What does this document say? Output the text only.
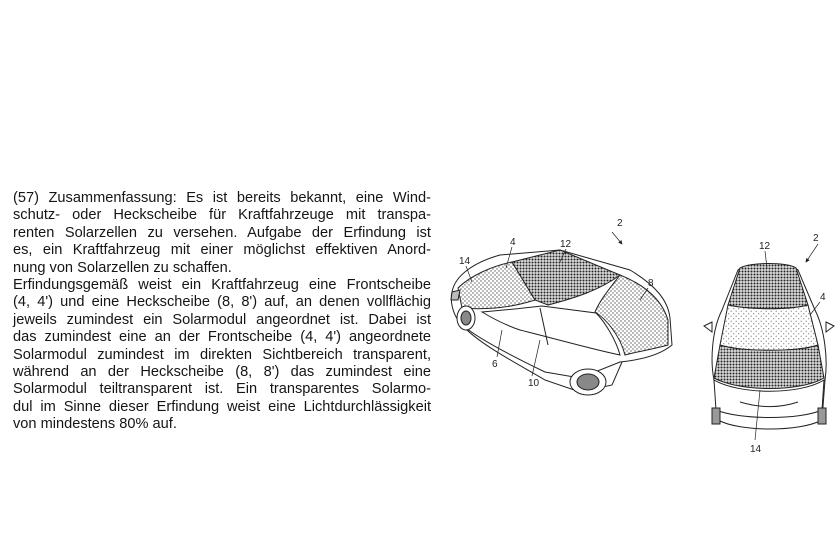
(57) Zusammenfassung: Es ist bereits bekannt, eine Wind-
schutz- oder Heckscheibe für Kraftfahrzeuge mit transpa-
renten Solarzellen zu versehen. Aufgabe der Erfindung ist
es, ein Kraftfahrzeug mit einer möglichst effektiven Anord-
nung von Solarzellen zu schaffen.
Erfindungsgemäß weist ein Kraftfahrzeug eine Frontscheibe
(4, 4') und eine Heckscheibe (8, 8') auf, an denen vollflächig
jeweils zumindest ein Solarmodul angeordnet ist. Dabei ist
das zumindest eine an der Frontscheibe (4, 4') angeordnete
Solarmodul zumindest im direkten Sichtbereich transparent,
während an der Heckscheibe (8, 8') das zumindest eine
Solarmodul teiltransparent ist. Ein transparentes Solarmo-
dul im Sinne dieser Erfindung weist eine Lichtdurchlässigkeit
von mindestens 80% auf.
2
4	12
8
14
6
10
2
12
4
14
